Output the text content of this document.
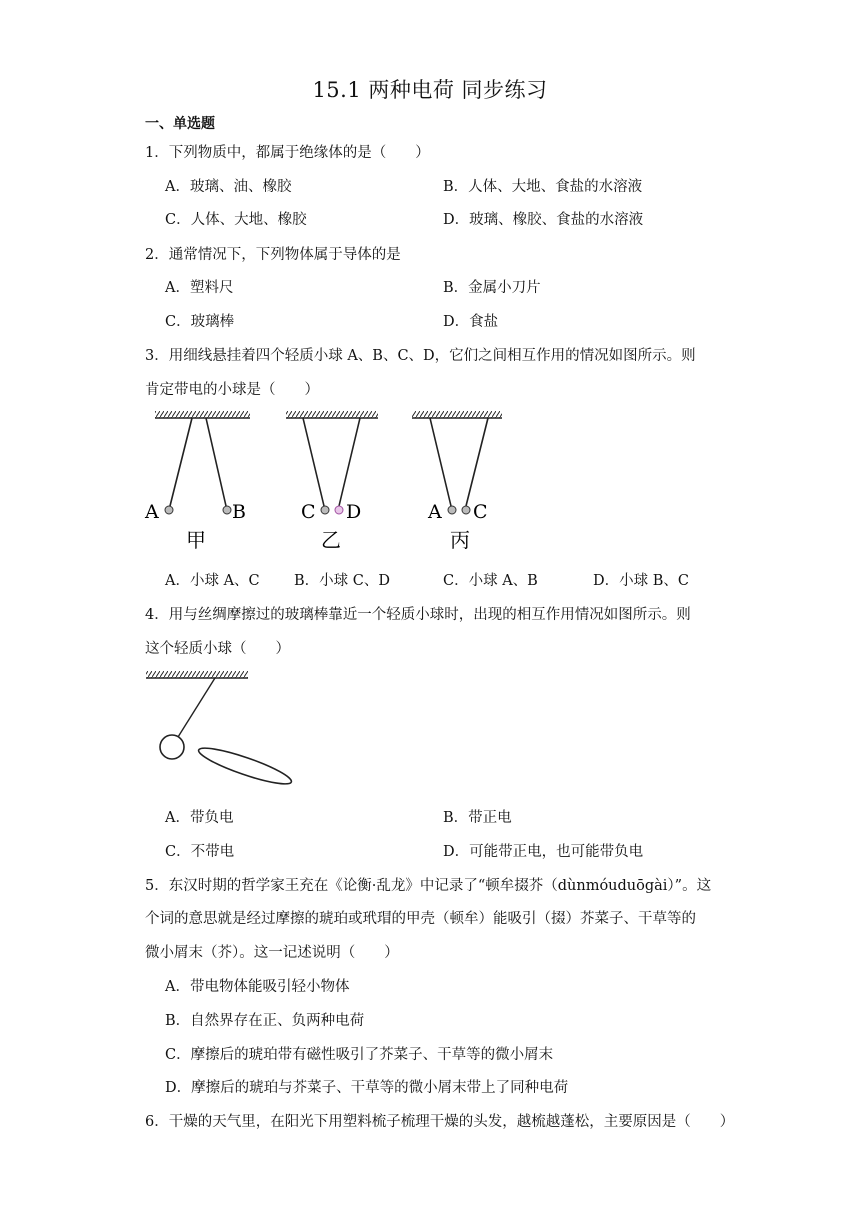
15.1 两种电荷 同步练习
一、单选题
1．下列物质中，都属于绝缘体的是（　　）
A．玻璃、油、橡胶	B．人体、大地、食盐的水溶液
C．人体、大地、橡胶	D．玻璃、橡胶、食盐的水溶液
2．通常情况下，下列物体属于导体的是
A．塑料尺	B．金属小刀片
C．玻璃棒	D．食盐
3．用细线悬挂着四个轻质小球 A、B、C、D，它们之间相互作用的情况如图所示。则
肯定带电的小球是（　　）
A	B
甲
C D
乙
A C
丙
A．小球 A、C B．小球 C、D	C．小球 A、B	D．小球 B、C
4．用与丝绸摩擦过的玻璃棒靠近一个轻质小球时，出现的相互作用情况如图所示。则
这个轻质小球（　　）
A．带负电	B．带正电
C．不带电	D．可能带正电，也可能带负电
5．东汉时期的哲学家王充在《论衡·乱龙》中记录了“顿牟掇芥（dùnmóuduōgài）”。这
个词的意思就是经过摩擦的琥珀或玳瑁的甲壳（顿牟）能吸引（掇）芥菜子、干草等的
微小屑末（芥）。这一记述说明（　　）
A．带电物体能吸引轻小物体
B．自然界存在正、负两种电荷
C．摩擦后的琥珀带有磁性吸引了芥菜子、干草等的微小屑末
D．摩擦后的琥珀与芥菜子、干草等的微小屑末带上了同种电荷
6．干燥的天气里，在阳光下用塑料梳子梳理干燥的头发，越梳越蓬松，主要原因是（　　）
